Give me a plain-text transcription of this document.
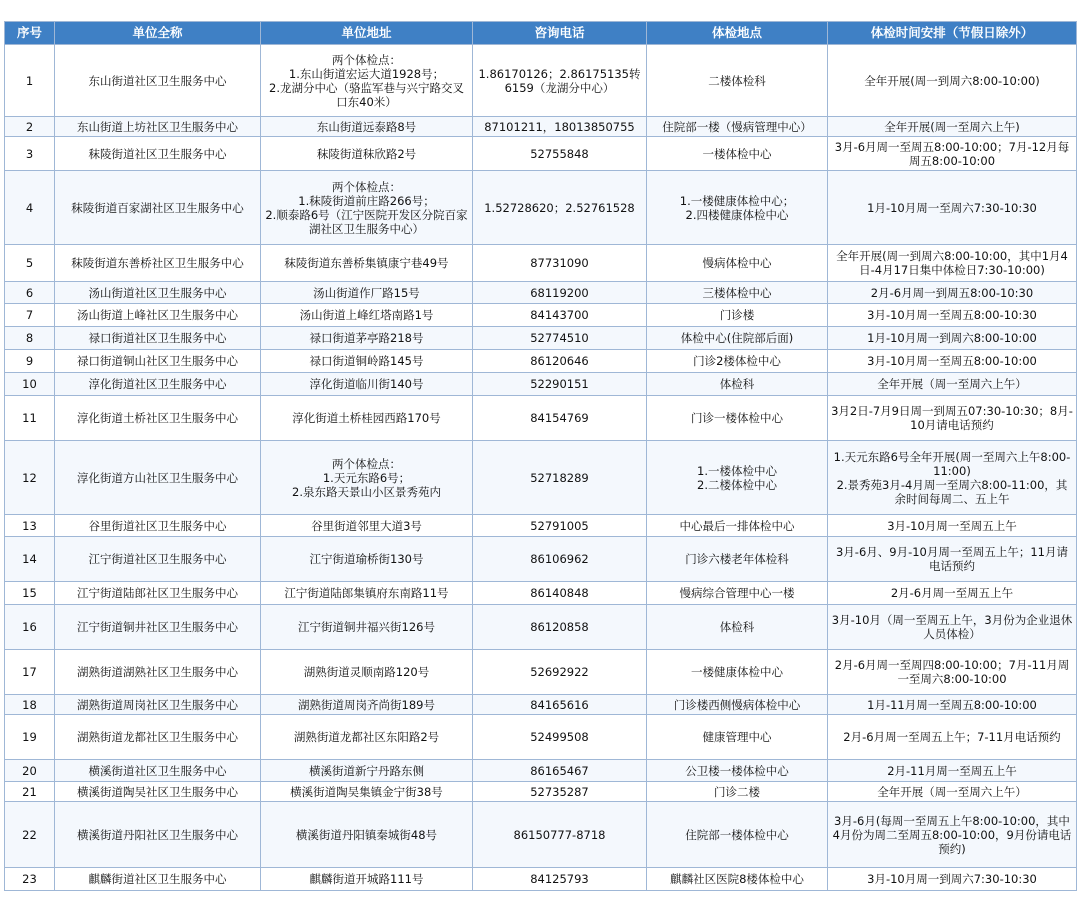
序号	单位全称	单位地址	咨询电话	体检地点	体检时间安排（节假日除外）
1	东山街道社区卫生服务中心	两个体检点：
1.东山街道宏运大道1928号；
2.龙湖分中心（骆监军巷与兴宁路交叉口东40米）	1.86170126；2.86175135转6159（龙湖分中心）	二楼体检科	全年开展(周一到周六8:00-10:00)
2	东山街道上坊社区卫生服务中心	东山街道远泰路8号	87101211，18013850755	住院部一楼（慢病管理中心）	全年开展(周一至周六上午)
3	秣陵街道社区卫生服务中心	秣陵街道秣欣路2号	52755848	一楼体检中心	3月-6月周一至周五8:00-10:00；7月-12月每周五8:00-10:00
4	秣陵街道百家湖社区卫生服务中心	两个体检点：
1.秣陵街道前庄路266号；
2.顺泰路6号（江宁医院开发区分院百家湖社区卫生服务中心）	1.52728620；2.52761528	1.一楼健康体检中心；
2.四楼健康体检中心	1月-10月周一至周六7:30-10:30
5	秣陵街道东善桥社区卫生服务中心	秣陵街道东善桥集镇康宁巷49号	87731090	慢病体检中心	全年开展(周一到周六8:00-10:00，其中1月4日-4月17日集中体检日7:30-10:00)
6	汤山街道社区卫生服务中心	汤山街道作厂路15号	68119200	三楼体检中心	2月-6月周一到周五8:00-10:30
7	汤山街道上峰社区卫生服务中心	汤山街道上峰红塔南路1号	84143700	门诊楼	3月-10月周一至周五8:00-10:30
8	禄口街道社区卫生服务中心	禄口街道茅亭路218号	52774510	体检中心(住院部后面)	1月-10月周一到周六8:00-10:00
9	禄口街道铜山社区卫生服务中心	禄口街道铜岭路145号	86120646	门诊2楼体检中心	3月-10月周一至周五8:00-10:00
10	淳化街道社区卫生服务中心	淳化街道临川街140号	52290151	体检科	全年开展（周一至周六上午）
11	淳化街道土桥社区卫生服务中心	淳化街道土桥桂园西路170号	84154769	门诊一楼体检中心	3月2日-7月9日周一到周五07:30-10:30；8月-10月请电话预约
12	淳化街道方山社区卫生服务中心	两个体检点：
1.天元东路6号；
2.泉东路天景山小区景秀苑内	52718289	1.一楼体检中心
2.二楼体检中心	1.天元东路6号全年开展(周一至周六上午8:00-11:00)
2.景秀苑3月-4月周一至周六8:00-11:00，其余时间每周二、五上午
13	谷里街道社区卫生服务中心	谷里街道邻里大道3号	52791005	中心最后一排体检中心	3月-10月周一至周五上午
14	江宁街道社区卫生服务中心	江宁街道瑜桥街130号	86106962	门诊六楼老年体检科	3月-6月、9月-10月周一至周五上午；11月请电话预约
15	江宁街道陆郎社区卫生服务中心	江宁街道陆郎集镇府东南路11号	86140848	慢病综合管理中心一楼	2月-6月周一至周五上午
16	江宁街道铜井社区卫生服务中心	江宁街道铜井福兴街126号	86120858	体检科	3月-10月（周一至周五上午，3月份为企业退休人员体检）
17	湖熟街道湖熟社区卫生服务中心	湖熟街道灵顺南路120号	52692922	一楼健康体检中心	2月-6月周一至周四8:00-10:00；7月-11月周一至周六8:00-10:00
18	湖熟街道周岗社区卫生服务中心	湖熟街道周岗齐尚街189号	84165616	门诊楼西侧慢病体检中心	1月-11月周一至周五8:00-10:00
19	湖熟街道龙都社区卫生服务中心	湖熟街道龙都社区东阳路2号	52499508	健康管理中心	2月-6月周一至周五上午；7-11月电话预约
20	横溪街道社区卫生服务中心	横溪街道新宁丹路东侧	86165467	公卫楼一楼体检中心	2月-11月周一至周五上午
21	横溪街道陶吴社区卫生服务中心	横溪街道陶吴集镇金宁街38号	52735287	门诊二楼	全年开展（周一至周六上午）
22	横溪街道丹阳社区卫生服务中心	横溪街道丹阳镇秦城街48号	86150777-8718	住院部一楼体检中心	3月-6月(每周一至周五上午8:00-10:00，其中4月份为周二至周五8:00-10:00，9月份请电话预约)
23	麒麟街道社区卫生服务中心	麒麟街道开城路111号	84125793	麒麟社区医院8楼体检中心	3月-10月周一到周六7:30-10:30
